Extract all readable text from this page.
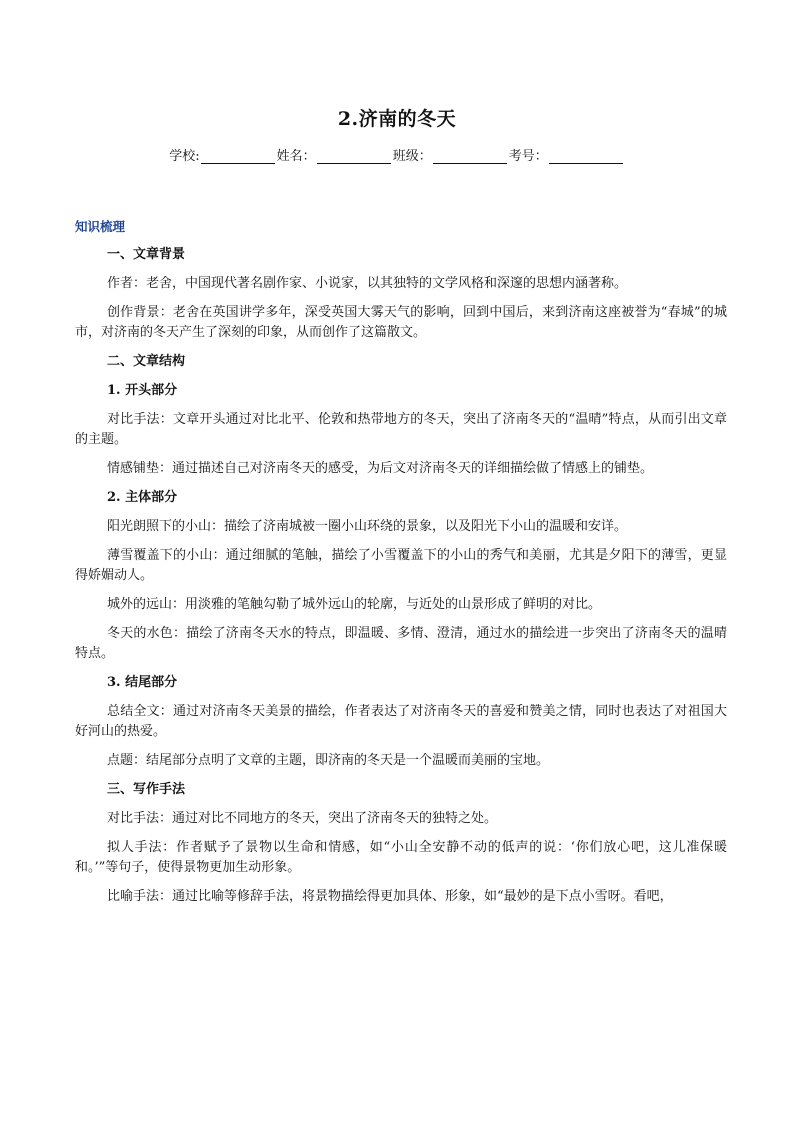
2.济南的冬天
学校:	姓名：	班级：	考号：
知识梳理

一、文章背景

作者：老舍，中国现代著名剧作家、小说家，以其独特的文学风格和深邃的思想内涵著称。

创作背景：老舍在英国讲学多年，深受英国大雾天气的影响，回到中国后，来到济南这座被誉为“春城”的城市，对济南的冬天产生了深刻的印象，从而创作了这篇散文。

二、文章结构

1. 开头部分

对比手法：文章开头通过对比北平、伦敦和热带地方的冬天，突出了济南冬天的“温晴”特点，从而引出文章的主题。

情感铺垫：通过描述自己对济南冬天的感受，为后文对济南冬天的详细描绘做了情感上的铺垫。

2. 主体部分

阳光朗照下的小山：描绘了济南城被一圈小山环绕的景象，以及阳光下小山的温暖和安详。

薄雪覆盖下的小山：通过细腻的笔触，描绘了小雪覆盖下的小山的秀气和美丽，尤其是夕阳下的薄雪，更显得娇媚动人。

城外的远山：用淡雅的笔触勾勒了城外远山的轮廓，与近处的山景形成了鲜明的对比。

冬天的水色：描绘了济南冬天水的特点，即温暖、多情、澄清，通过水的描绘进一步突出了济南冬天的温晴特点。

3. 结尾部分

总结全文：通过对济南冬天美景的描绘，作者表达了对济南冬天的喜爱和赞美之情，同时也表达了对祖国大好河山的热爱。

点题：结尾部分点明了文章的主题，即济南的冬天是一个温暖而美丽的宝地。

三、写作手法

对比手法：通过对比不同地方的冬天，突出了济南冬天的独特之处。

拟人手法：作者赋予了景物以生命和情感，如“小山全安静不动的低声的说：‘你们放心吧，这儿准保暖和。’”等句子，使得景物更加生动形象。

比喻手法：通过比喻等修辞手法，将景物描绘得更加具体、形象，如“最妙的是下点小雪呀。看吧，
